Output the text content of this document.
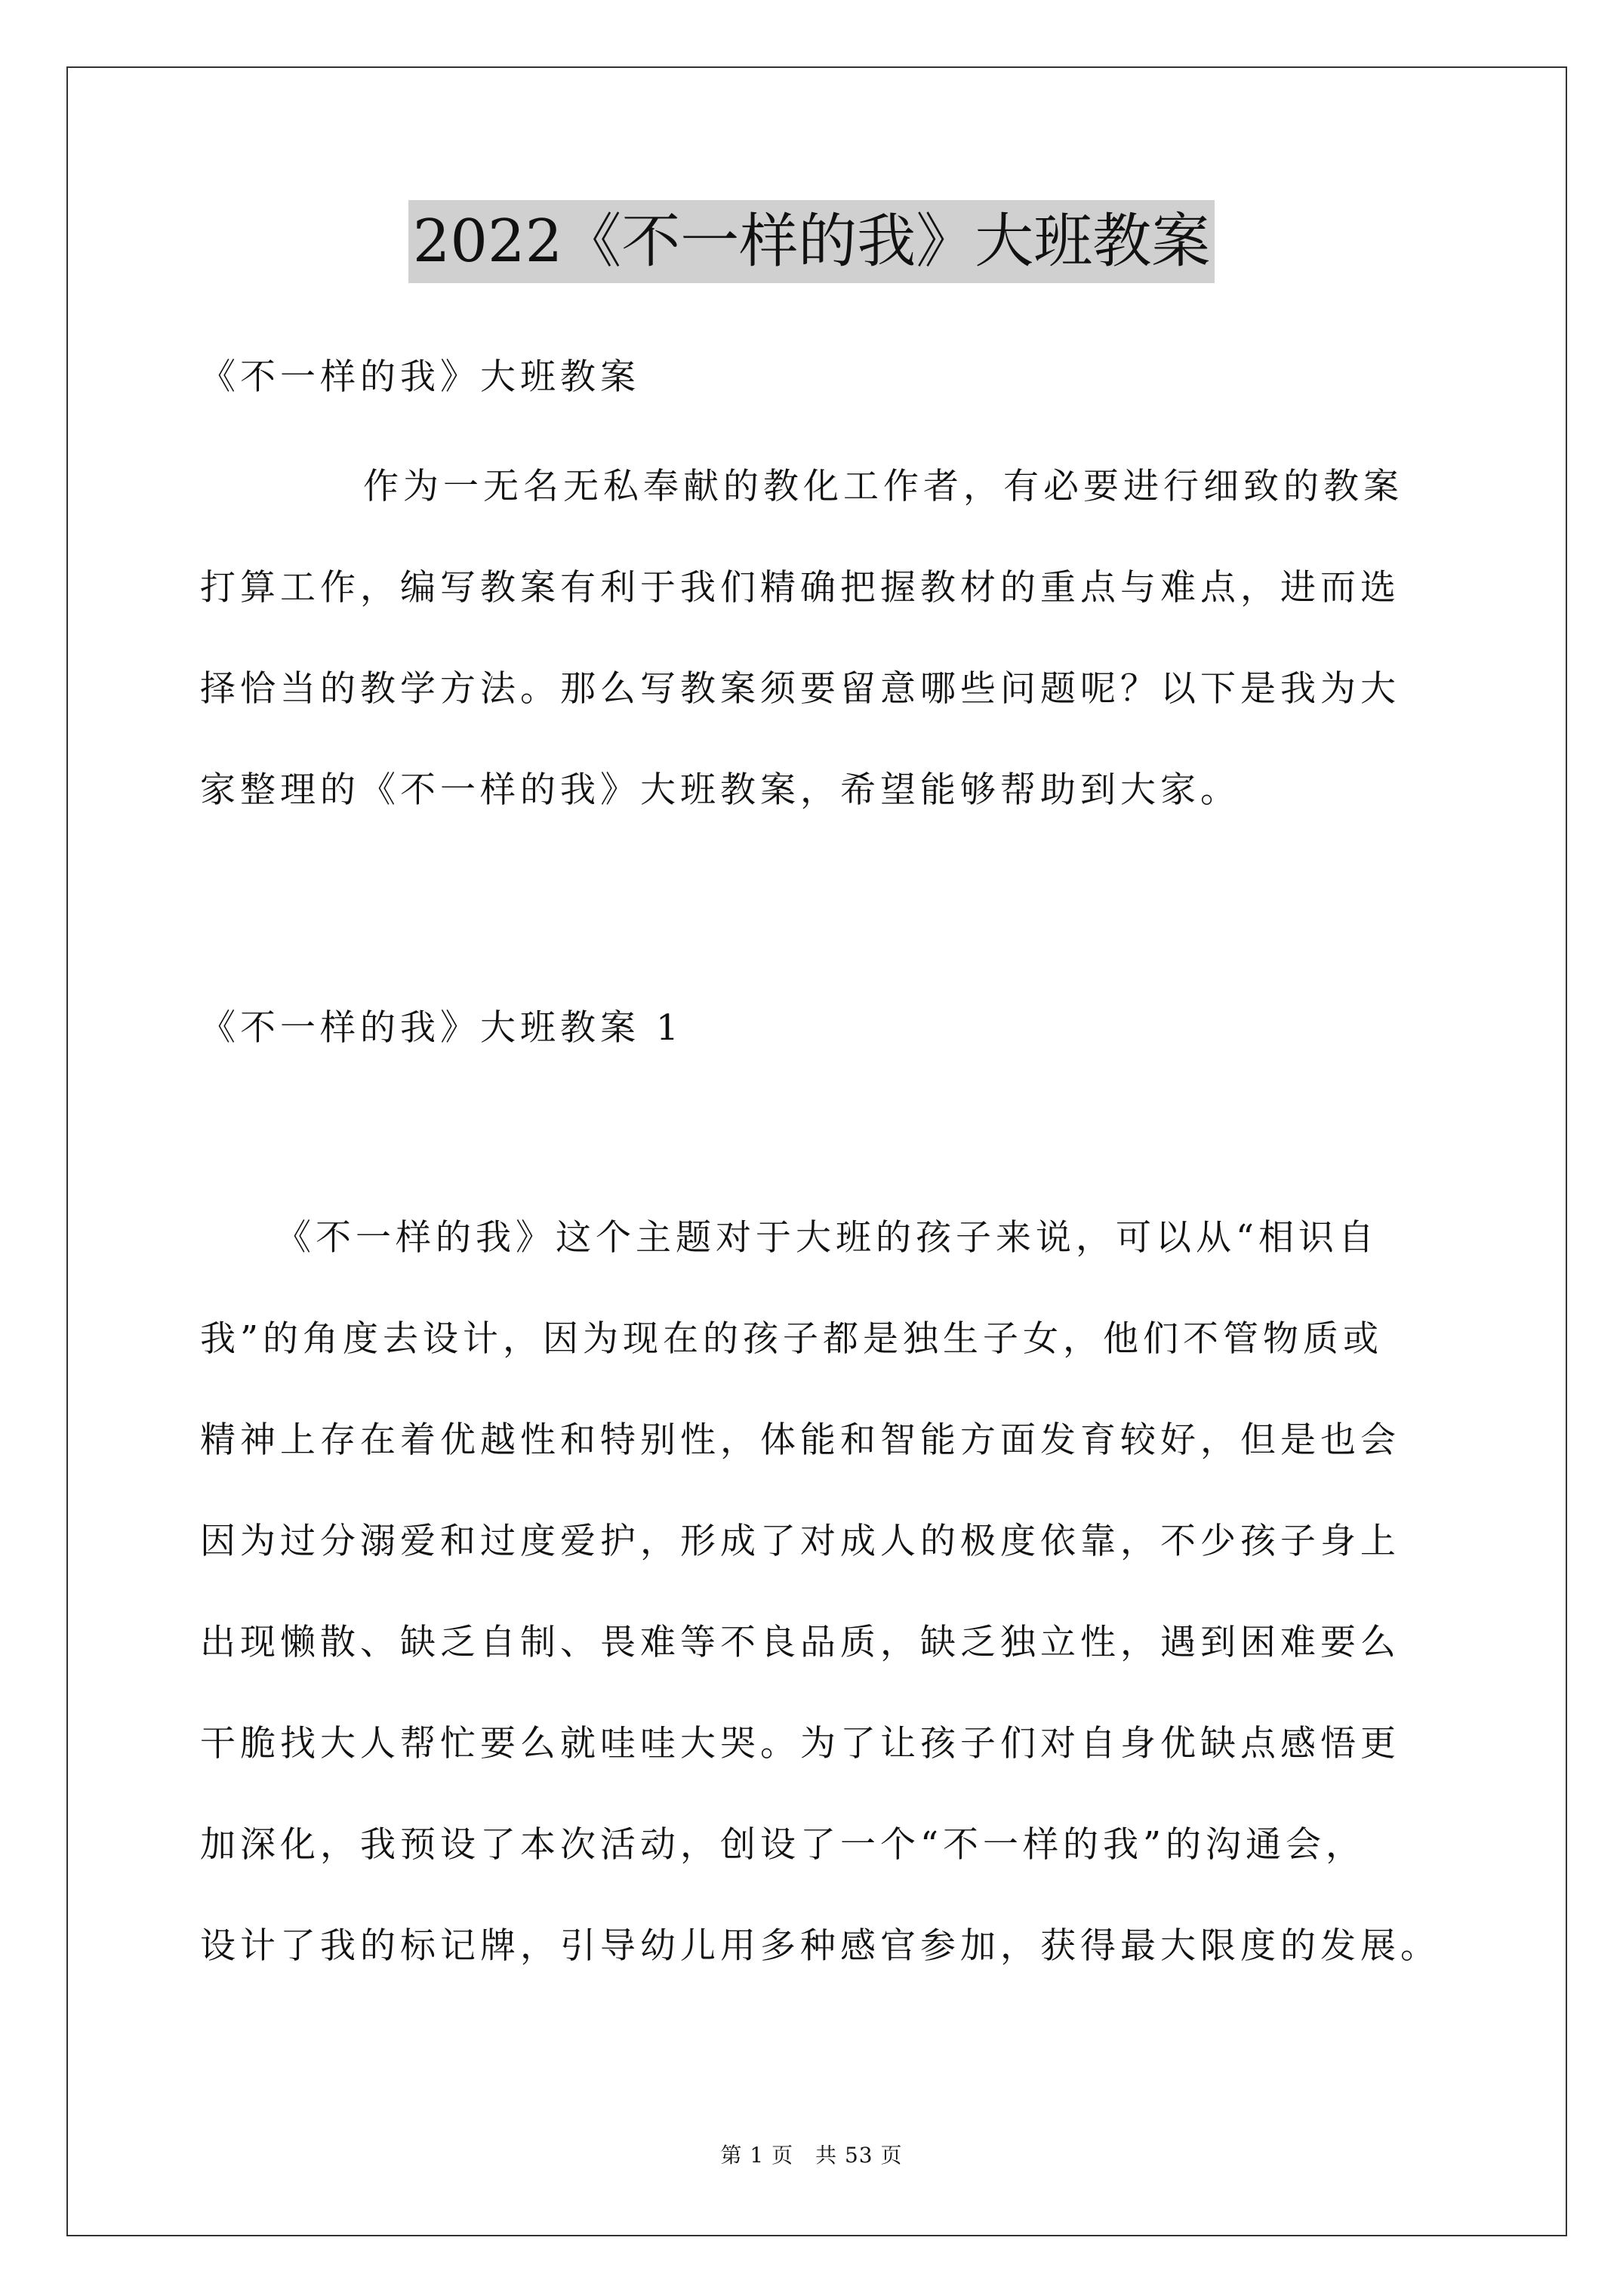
2022《不一样的我》大班教案
《不一样的我》大班教案

作为一无名无私奉献的教化工作者，有必要进行细致的教案

打算工作，编写教案有利于我们精确把握教材的重点与难点，进而选

择恰当的教学方法。那么写教案须要留意哪些问题呢？以下是我为大

家整理的《不一样的我》大班教案，希望能够帮助到大家。

《不一样的我》大班教案 1

《不一样的我》这个主题对于大班的孩子来说，可以从“相识自

我”的角度去设计，因为现在的孩子都是独生子女，他们不管物质或

精神上存在着优越性和特别性，体能和智能方面发育较好，但是也会

因为过分溺爱和过度爱护，形成了对成人的极度依靠，不少孩子身上

出现懒散、缺乏自制、畏难等不良品质，缺乏独立性，遇到困难要么

干脆找大人帮忙要么就哇哇大哭。为了让孩子们对自身优缺点感悟更

加深化，我预设了本次活动，创设了一个“不一样的我”的沟通会，

设计了我的标记牌，引导幼儿用多种感官参加，获得最大限度的发展。

第 1 页　共 53 页
